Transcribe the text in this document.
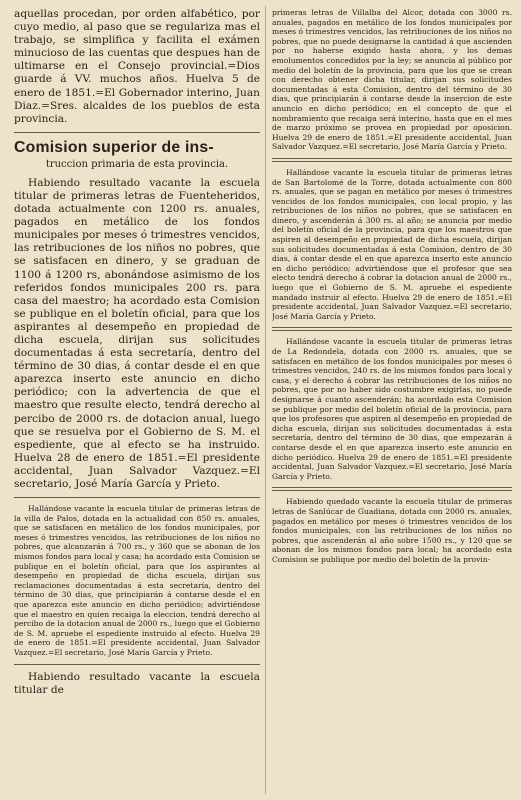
aquellas procedan, por orden alfabético, por cuyo medio, al paso que se regulariza mas el trabajo, se simplifica y facilita el exámen minucioso de las cuentas que despues han de ultimarse en el Consejo provincial.=Dios guarde á VV. muchos años. Huelva 5 de enero de 1851.=El Gobernador interino, Juan Diaz.=Sres. alcaldes de los pueblos de esta provincia.

Comision superior de ins-
truccion primaria de esta provincia.

Habiendo resultado vacante la escuela titular de primeras letras de Fuenteheridos, dotada actualmente con 1200 rs. anuales, pagados en metálico de los fondos municipales por meses ó trimestres vencidos, las retribuciones de los niños no pobres, que se satisfacen en dinero, y se graduan de 1100 á 1200 rs, abonándose asimismo de los referidos fondos municipales 200 rs. para casa del maestro; ha acordado esta Comision se publique en el boletín oficial, para que los aspirantes al desempeño en propiedad de dicha escuela, dirijan sus solicitudes documentadas á esta secretaría, dentro del término de 30 dias, á contar desde el en que aparezca inserto este anuncio en dicho periódico; con la advertencia de que el maestro que resulte electo, tendrá derecho al percibo de 2000 rs. de dotacion anual, luego que se resuelva por el Gobierno de S. M. el espediente, que al efecto se ha instruido. Huelva 28 de enero de 1851.=El presidente accidental, Juan Salvador Vazquez.=El secretario, José María García y Prieto.

Hallándose vacante la escuela titular de primeras letras de la villa de Palos, dotada en la actualidad con 850 rs. anuales, que se satisfacen en metálico de los fondos municipales, por meses ó trimestres vencidos, las retribuciones de los niños no pobres, que alcanzarán á 700 rs., y 360 que se abonan de los mismos fondos para local y casa; ha acordado esta Comision se publique en el boletín oficial, para que los aspirantes al desempeño en propiedad de dicha escuela, dirijan sus reclamaciones documentadas á esta secretaría, dentro del término de 30 dias, que principiarán á contarse desde el en que aparezca este anuncio en dicho periódico; advirtiéndose que el maestro en quien recaiga la eleccion, tendrá derecho al percibo de la dotacion anual de 2000 rs., luego que el Gobierno de S. M. apruebe el espediente instruido al efecto. Huelva 29 de enero de 1851.=El presidente accidental, Juan Salvador Vazquez.=El secretario, José María García y Prieto.

Habiendo resultado vacante la escuela titular de

primeras letras de Villalba del Alcor, dotada con 3000 rs. anuales, pagados en metálico de los fondos municipales por meses ó trimestres vencidos, las retribuciones de los niños no pobres, que no puede designarse la cantidad á que ascienden por no haberse exigido hasta ahora, y los demas emolumentos concedidos por la ley; se anuncia al público por medio del boletín de la provincia, para que los que se crean con derecho obtener dicha titular, dirijan sus solicitudes documentadas á esta Comision, dentro del término de 30 dias, que principiarán á contarse desde la insercion de este anuncio en dicho periódico; en el concepto de que el nombramiento que recaiga será interino, hasta que en el mes de marzo próximo se provea en propiedad por oposicion. Huelva 29 de enero de 1851.=El presidente accidental, Juan Salvador Vazquez.=El secretario, José María García y Prieto.

Hallándose vacante la escuela titular de primeras letras de San Bartolomé de la Torre, dotada actualmente con 800 rs. anuales, que se pagan en metálico por meses ó trimestres vencidos de los fondos municipales, con local propio, y las retribuciones de los niños no pobres, que se satisfacen en dinero, y ascenderán á 300 rs. al año; se anuncia por medio del boletín oficial de la provincia, para que los maestros que aspiren al desempeño en propiedad de dicha escuela, dirijan sus solicitudes documentadas á esta Comision, dentro de 30 dias, á contar desde el en que aparezca inserto este anuncio en dicho periódico; advirtiéndose que el profesor que sea electo tendrá derecho á cobrar la dotacion anual de 2000 rs., luego que el Gobierno de S. M. apruebe el espediente mandado instruir al efecto. Huelva 29 de enero de 1851.=El presidente accidental, Juan Salvador Vazquez.=El secretario, José María García y Prieto.

Hallándose vacante la escuela titular de primeras letras de La Redondela, dotada con 2000 rs. anuales, que se satisfacen en metálico de los fondos municipales por meses ó trimestres vencidos, 240 rs. de los mismos fondos para local y casa, y el derecho á cobrar las retribuciones de los niños no pobres, que por no haber sido costumbre exigirlas, no puede designarse á cuanto ascenderán; ha acordado esta Comision se publique por medio del boletín oficial de la provincia, para que los profesores que aspiren al desempeño en propiedad de dicha escuela, dirijan sus solicitudes documentadas á esta secretaría, dentro del término de 30 dias, que empezarán á contarse desde el en que aparezca inserto este anuncio en dicho periódico. Huelva 29 de enero de 1851.=El presidente accidental, Juan Salvador Vazquez.=El secretario, José María García y Prieto.

Habiendo quedado vacante la escuela titular de primeras letras de Sanlúcar de Guadiana, dotada con 2000 rs. anuales, pagados en metálico por meses ó trimestres vencidos de los fondos municipales, con las retribuciones de los niños no pobres, que ascenderán al año sobre 1500 rs., y 120 que se abonan de los mismos fondos para local; ha acordado esta Comision se publique por medio del boletín de la provin-
